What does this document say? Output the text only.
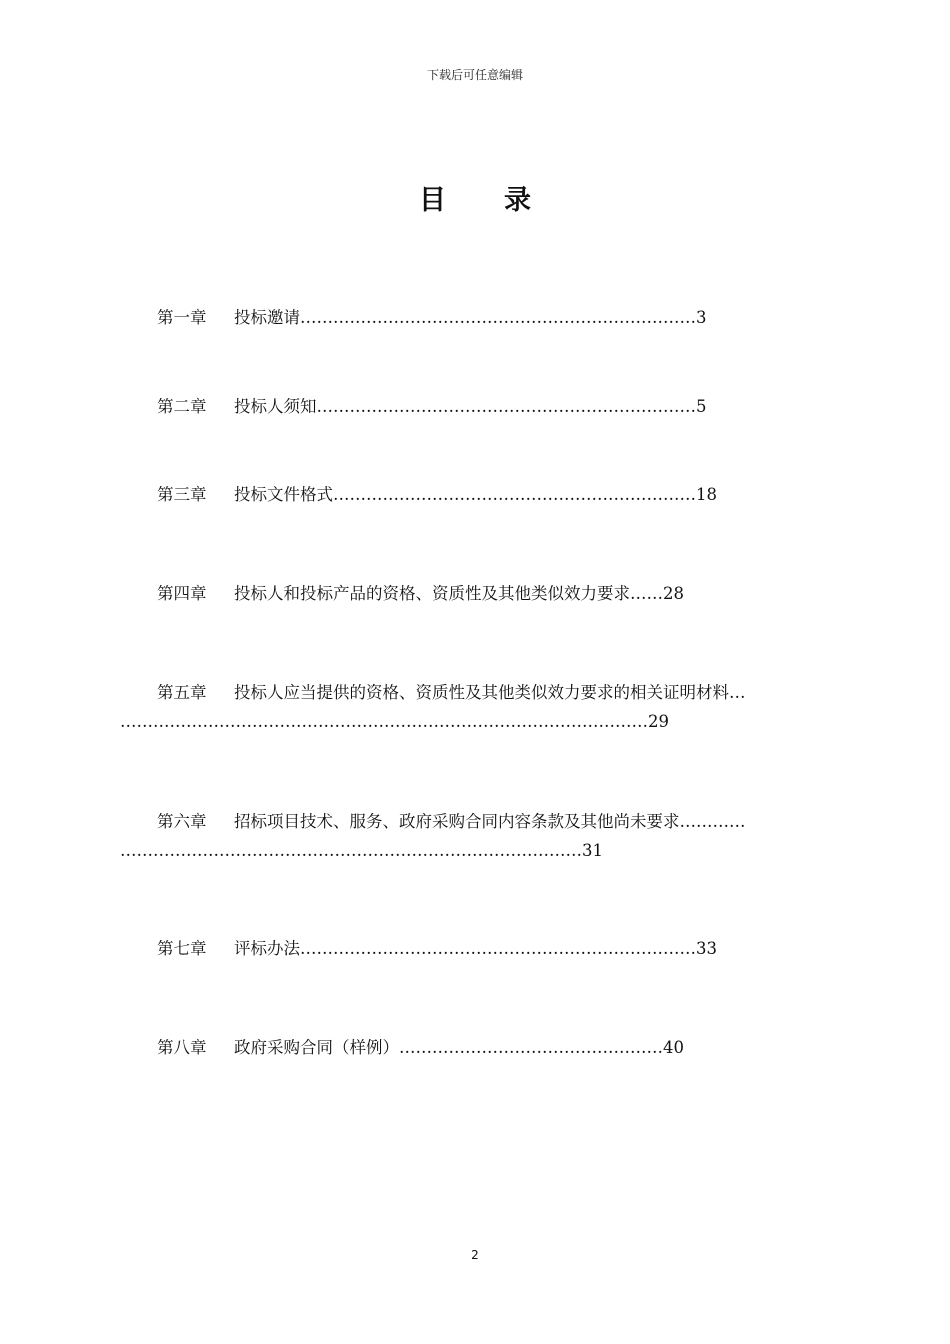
下载后可任意编辑
目 录
第一章 投标邀请………………………………………………………………3
第二章 投标人须知……………………………………………………………5
第三章 投标文件格式…………………………………………………………18
第四章 投标人和投标产品的资格、资质性及其他类似效力要求……28
第五章 投标人应当提供的资格、资质性及其他类似效力要求的相关证明材料…
……………………………………………………………………………………29
第六章 招标项目技术、服务、政府采购合同内容条款及其他尚未要求…………
…………………………………………………………………………31
第七章 评标办法………………………………………………………………33
第八章 政府采购合同（样例）…………………………………………40
2
